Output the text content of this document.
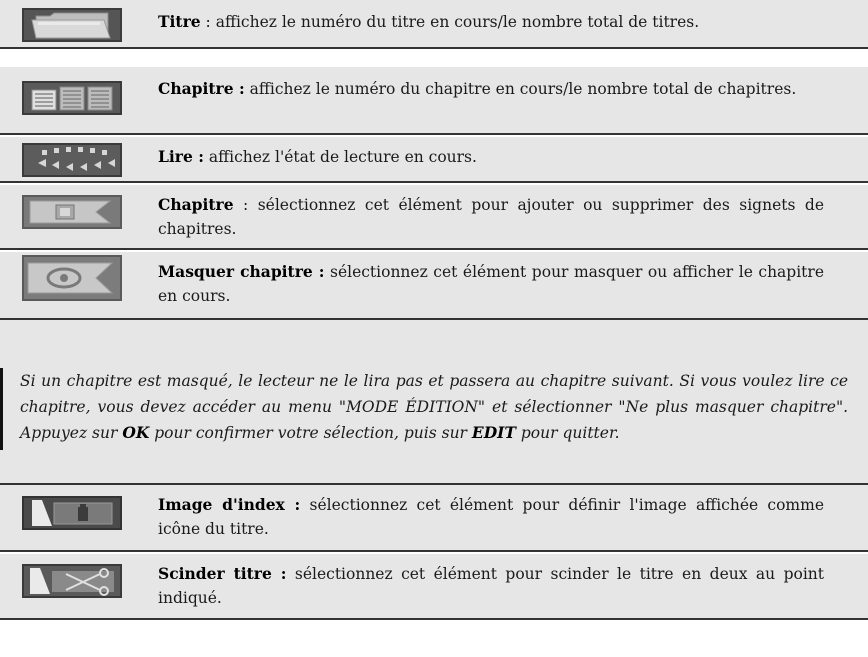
Titre : affichez le numéro du titre en cours/le nombre total de titres.
Chapitre : affichez le numéro du chapitre en cours/le nombre total de chapitres.
Lire : affichez l'état de lecture en cours.
Chapitre : sélectionnez cet élément pour ajouter ou supprimer des signets de chapitres.
Masquer chapitre : sélectionnez cet élément pour masquer ou afficher le chapitre en cours.
Si un chapitre est masqué, le lecteur ne le lira pas et passera au chapitre suivant. Si vous voulez lire ce chapitre, vous devez accéder au menu "MODE ÉDITION" et sélectionner "Ne plus masquer chapitre". Appuyez sur OK pour confirmer votre sélection, puis sur EDIT pour quitter.
Image d'index : sélectionnez cet élément pour définir l'image affichée comme icône du titre.
Scinder titre : sélectionnez cet élément pour scinder le titre en deux au point indiqué.
